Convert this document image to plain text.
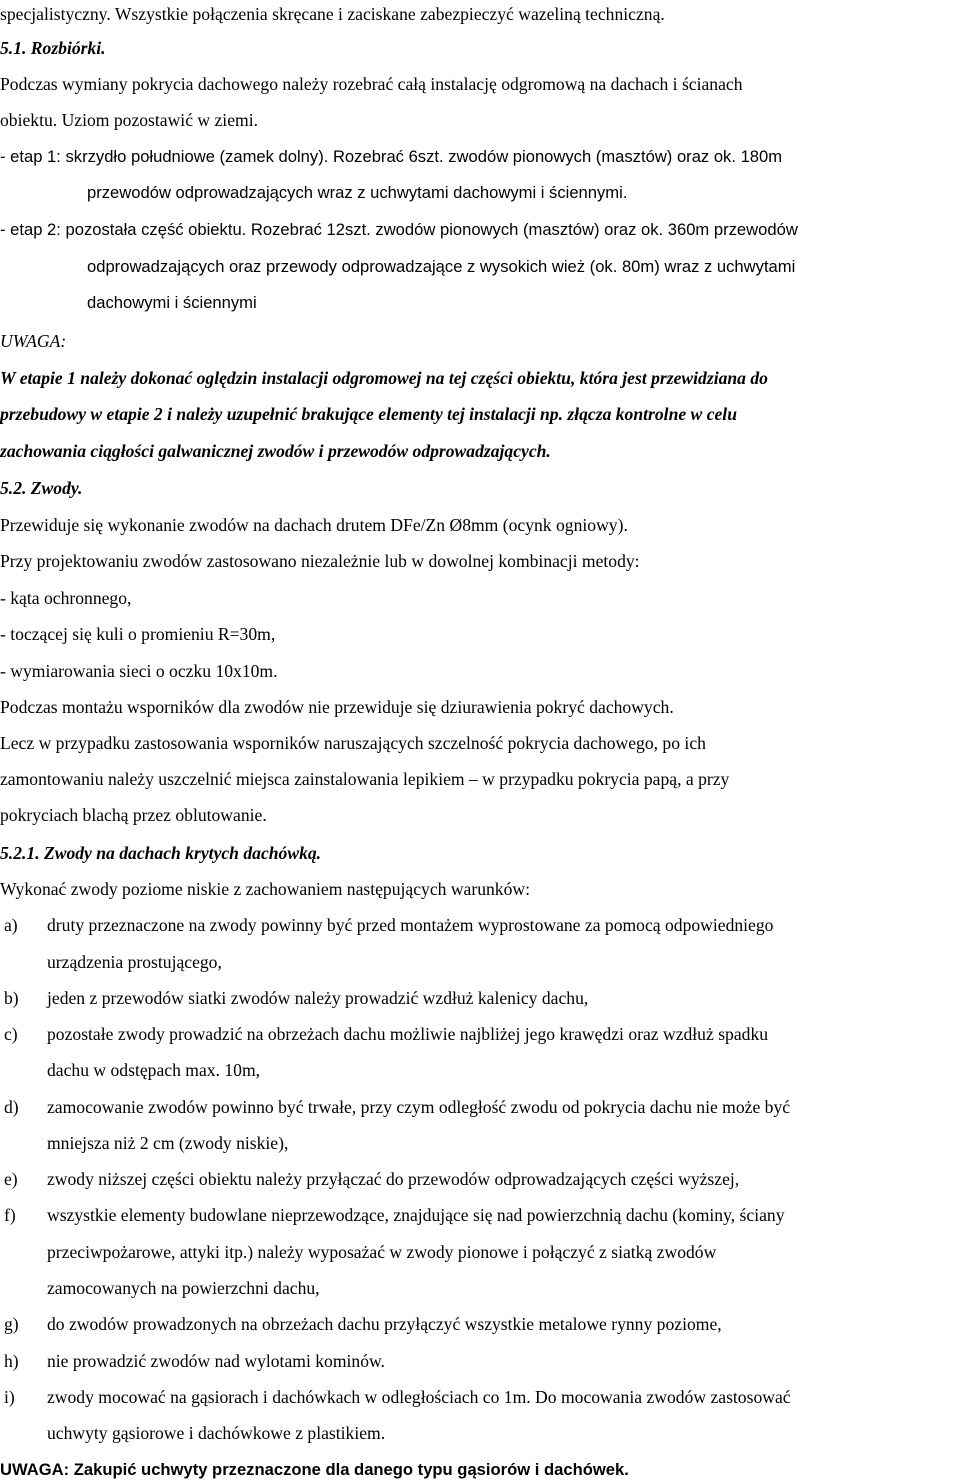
specjalistyczny. Wszystkie połączenia skręcane i zaciskane zabezpieczyć wazeliną techniczną.
5.1. Rozbiórki.
Podczas wymiany pokrycia dachowego należy rozebrać całą instalację odgromową na dachach i ścianach
obiektu. Uziom pozostawić w ziemi.
- etap 1: skrzydło południowe (zamek dolny). Rozebrać 6szt. zwodów pionowych (masztów) oraz ok. 180m
przewodów odprowadzających wraz z uchwytami dachowymi i ściennymi.
- etap 2: pozostała część obiektu. Rozebrać 12szt. zwodów pionowych (masztów) oraz ok. 360m przewodów
odprowadzających oraz przewody odprowadzające z wysokich wież (ok. 80m) wraz z uchwytami
dachowymi i ściennymi
UWAGA:
W etapie 1 należy dokonać oględzin instalacji odgromowej na tej części obiektu, która jest przewidziana do
przebudowy w etapie 2 i należy uzupełnić brakujące elementy tej instalacji np. złącza kontrolne w celu
zachowania ciągłości galwanicznej zwodów i przewodów odprowadzających.
5.2. Zwody.
Przewiduje się wykonanie zwodów na dachach drutem DFe/Zn Ø8mm (ocynk ogniowy).
Przy projektowaniu zwodów zastosowano niezależnie lub w dowolnej kombinacji metody:
- kąta ochronnego,
- toczącej się kuli o promieniu R=30m,
- wymiarowania sieci o oczku 10x10m.
Podczas montażu wsporników dla zwodów nie przewiduje się dziurawienia pokryć dachowych.
Lecz w przypadku zastosowania wsporników naruszających szczelność pokrycia dachowego, po ich
zamontowaniu należy uszczelnić miejsca zainstalowania lepikiem – w przypadku pokrycia papą, a przy
pokryciach blachą przez oblutowanie.
5.2.1. Zwody na dachach krytych dachówką.
Wykonać zwody poziome niskie z zachowaniem następujących warunków:
a) druty przeznaczone na zwody powinny być przed montażem wyprostowane za pomocą odpowiedniego
urządzenia prostującego,
b) jeden z przewodów siatki zwodów należy prowadzić wzdłuż kalenicy dachu,
c) pozostałe zwody prowadzić na obrzeżach dachu możliwie najbliżej jego krawędzi oraz wzdłuż spadku
dachu w odstępach max. 10m,
d) zamocowanie zwodów powinno być trwałe, przy czym odległość zwodu od pokrycia dachu nie może być
mniejsza niż 2 cm (zwody niskie),
e) zwody niższej części obiektu należy przyłączać do przewodów odprowadzających części wyższej,
f) wszystkie elementy budowlane nieprzewodzące, znajdujące się nad powierzchnią dachu (kominy, ściany
przeciwpożarowe, attyki itp.) należy wyposażać w zwody pionowe i połączyć z siatką zwodów
zamocowanych na powierzchni dachu,
g) do zwodów prowadzonych na obrzeżach dachu przyłączyć wszystkie metalowe rynny poziome,
h) nie prowadzić zwodów nad wylotami kominów.
i) zwody mocować na gąsiorach i dachówkach w odległościach co 1m. Do mocowania zwodów zastosować
uchwyty gąsiorowe i dachówkowe z plastikiem.
UWAGA: Zakupić uchwyty przeznaczone dla danego typu gąsiorów i dachówek.
